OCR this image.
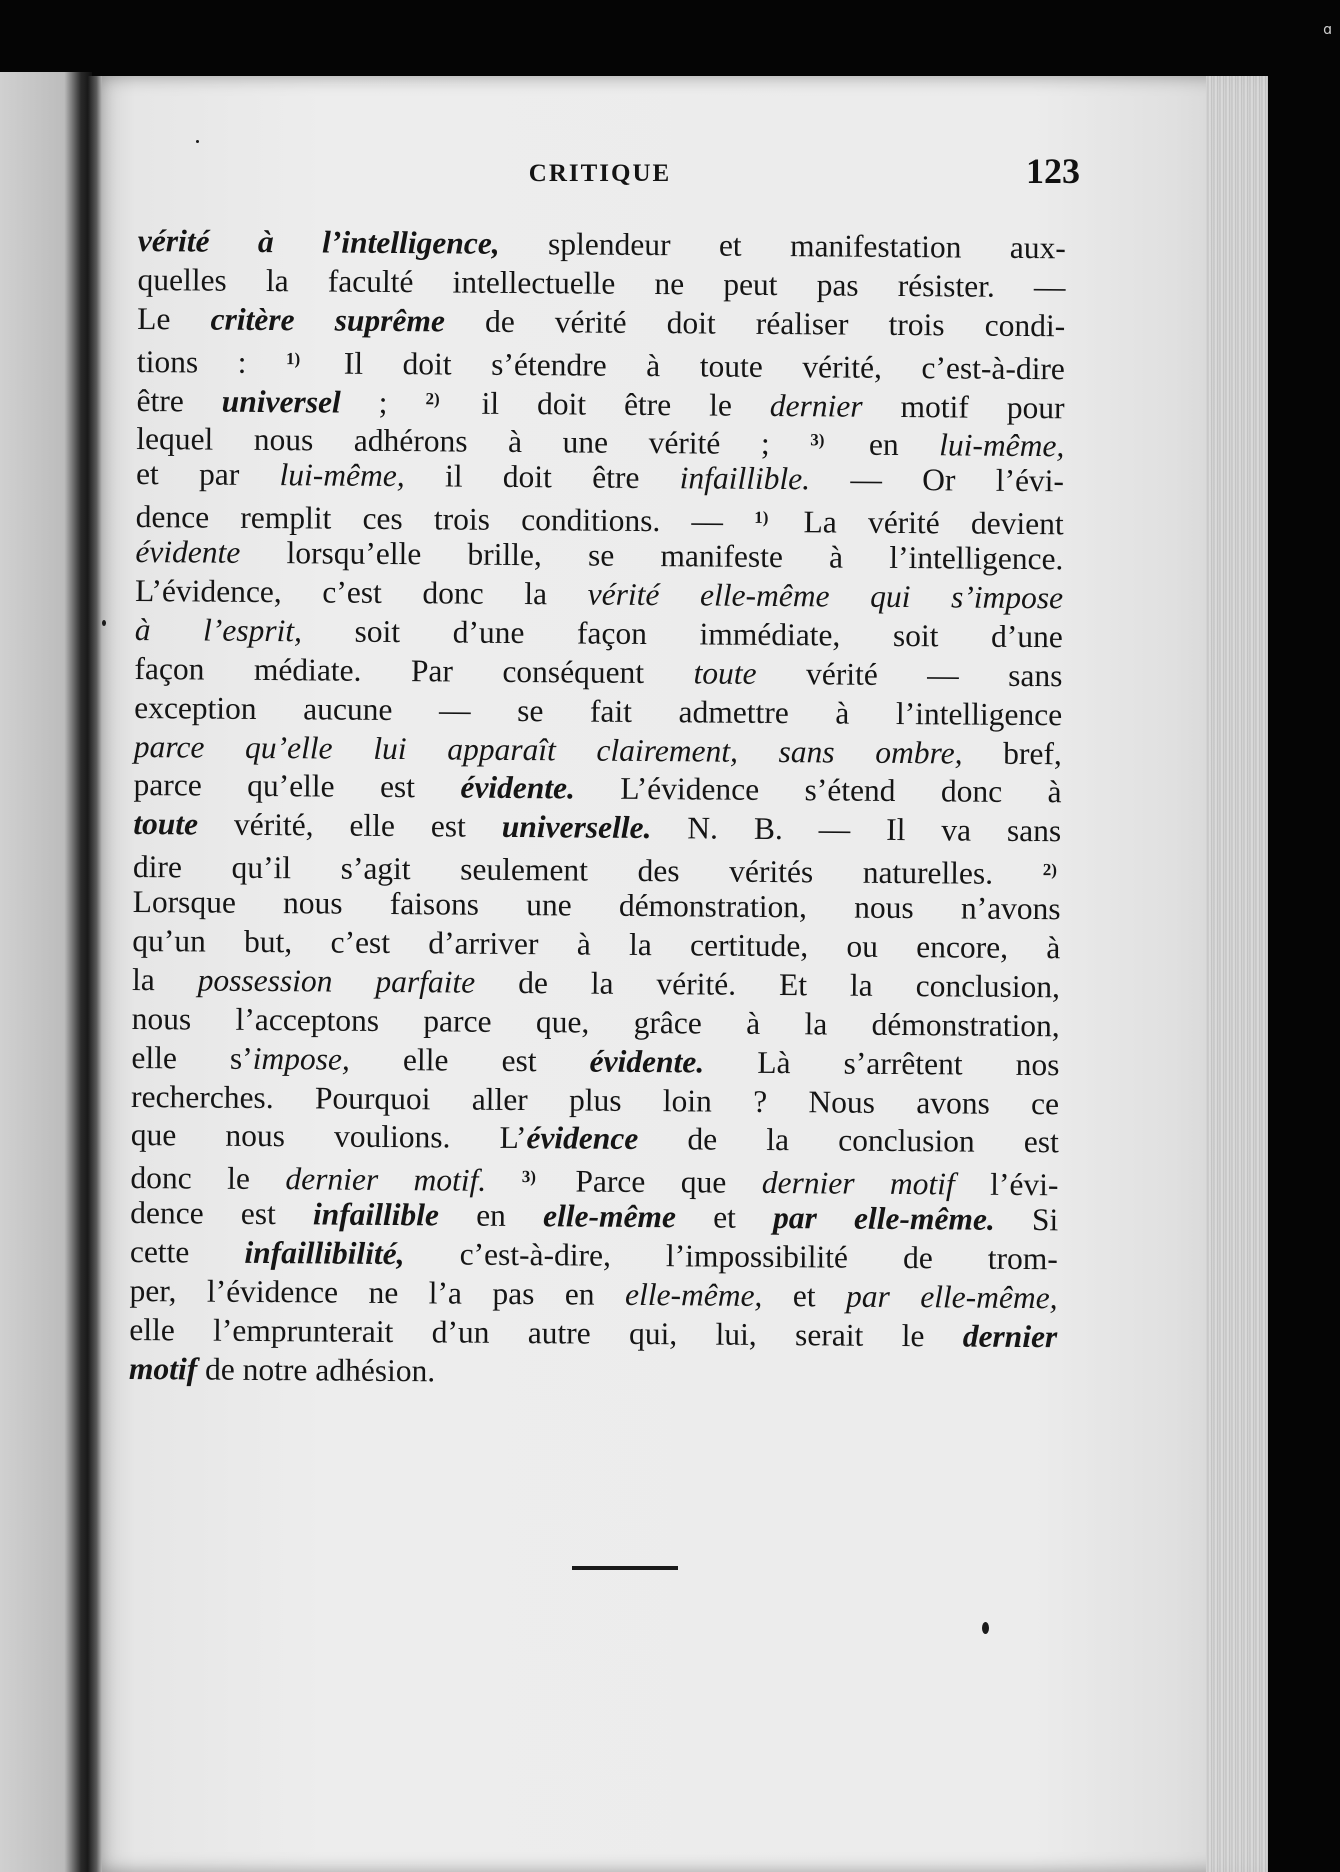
CRITIQUE	123
vérité à l’intelligence, splendeur et manifestation aux-
quelles la faculté intellectuelle ne peut pas résister. —
Le critère suprême de vérité doit réaliser trois condi-
tions : $^{1)}$ Il doit s’étendre à toute vérité, c’est-à-dire
être universel ; $^{2)}$ il doit être le dernier motif pour
lequel nous adhérons à une vérité ; $^{3)}$ en lui-même,
et par lui-même, il doit être infaillible. — Or l’évi-
dence remplit ces trois conditions. — $^{1)}$ La vérité devient
évidente lorsqu’elle brille, se manifeste à l’intelligence.
L’évidence, c’est donc la vérité elle-même qui s’impose
à l’esprit, soit d’une façon immédiate, soit d’une
façon médiate. Par conséquent toute vérité — sans
exception aucune — se fait admettre à l’intelligence
parce qu’elle lui apparaît clairement, sans ombre, bref,
parce qu’elle est évidente. L’évidence s’étend donc à
toute vérité, elle est universelle. N. B. — Il va sans
dire qu’il s’agit seulement des vérités naturelles. $^{2)}$
Lorsque nous faisons une démonstration, nous n’avons
qu’un but, c’est d’arriver à la certitude, ou encore, à
la possession parfaite de la vérité. Et la conclusion,
nous l’acceptons parce que, grâce à la démonstration,
elle s’impose, elle est évidente. Là s’arrêtent nos
recherches. Pourquoi aller plus loin ? Nous avons ce
que nous voulions. L’évidence de la conclusion est
donc le dernier motif. $^{3)}$ Parce que dernier motif l’évi-
dence est infaillible en elle-même et par elle-même. Si
cette infaillibilité, c’est-à-dire, l’impossibilité de trom-
per, l’évidence ne l’a pas en elle-même, et par elle-même,
elle l’emprunterait d’un autre qui, lui, serait le dernier
motif de notre adhésion.
ɑ
